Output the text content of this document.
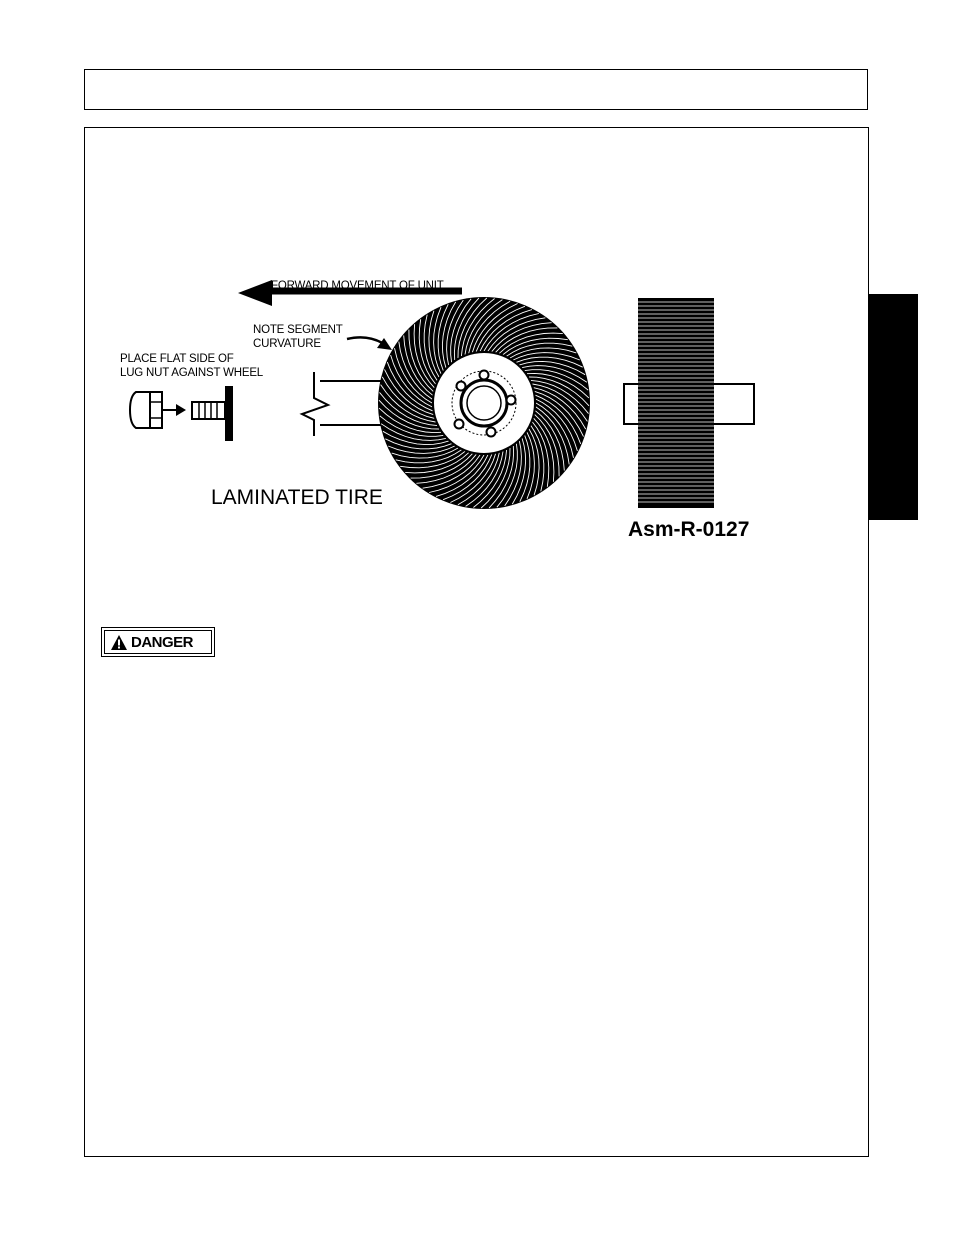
FORWARD MOVEMENT OF UNIT
NOTE SEGMENT
CURVATURE
PLACE FLAT SIDE OF
LUG NUT AGAINST WHEEL
LAMINATED TIRE
Asm-R-0127
DANGER
